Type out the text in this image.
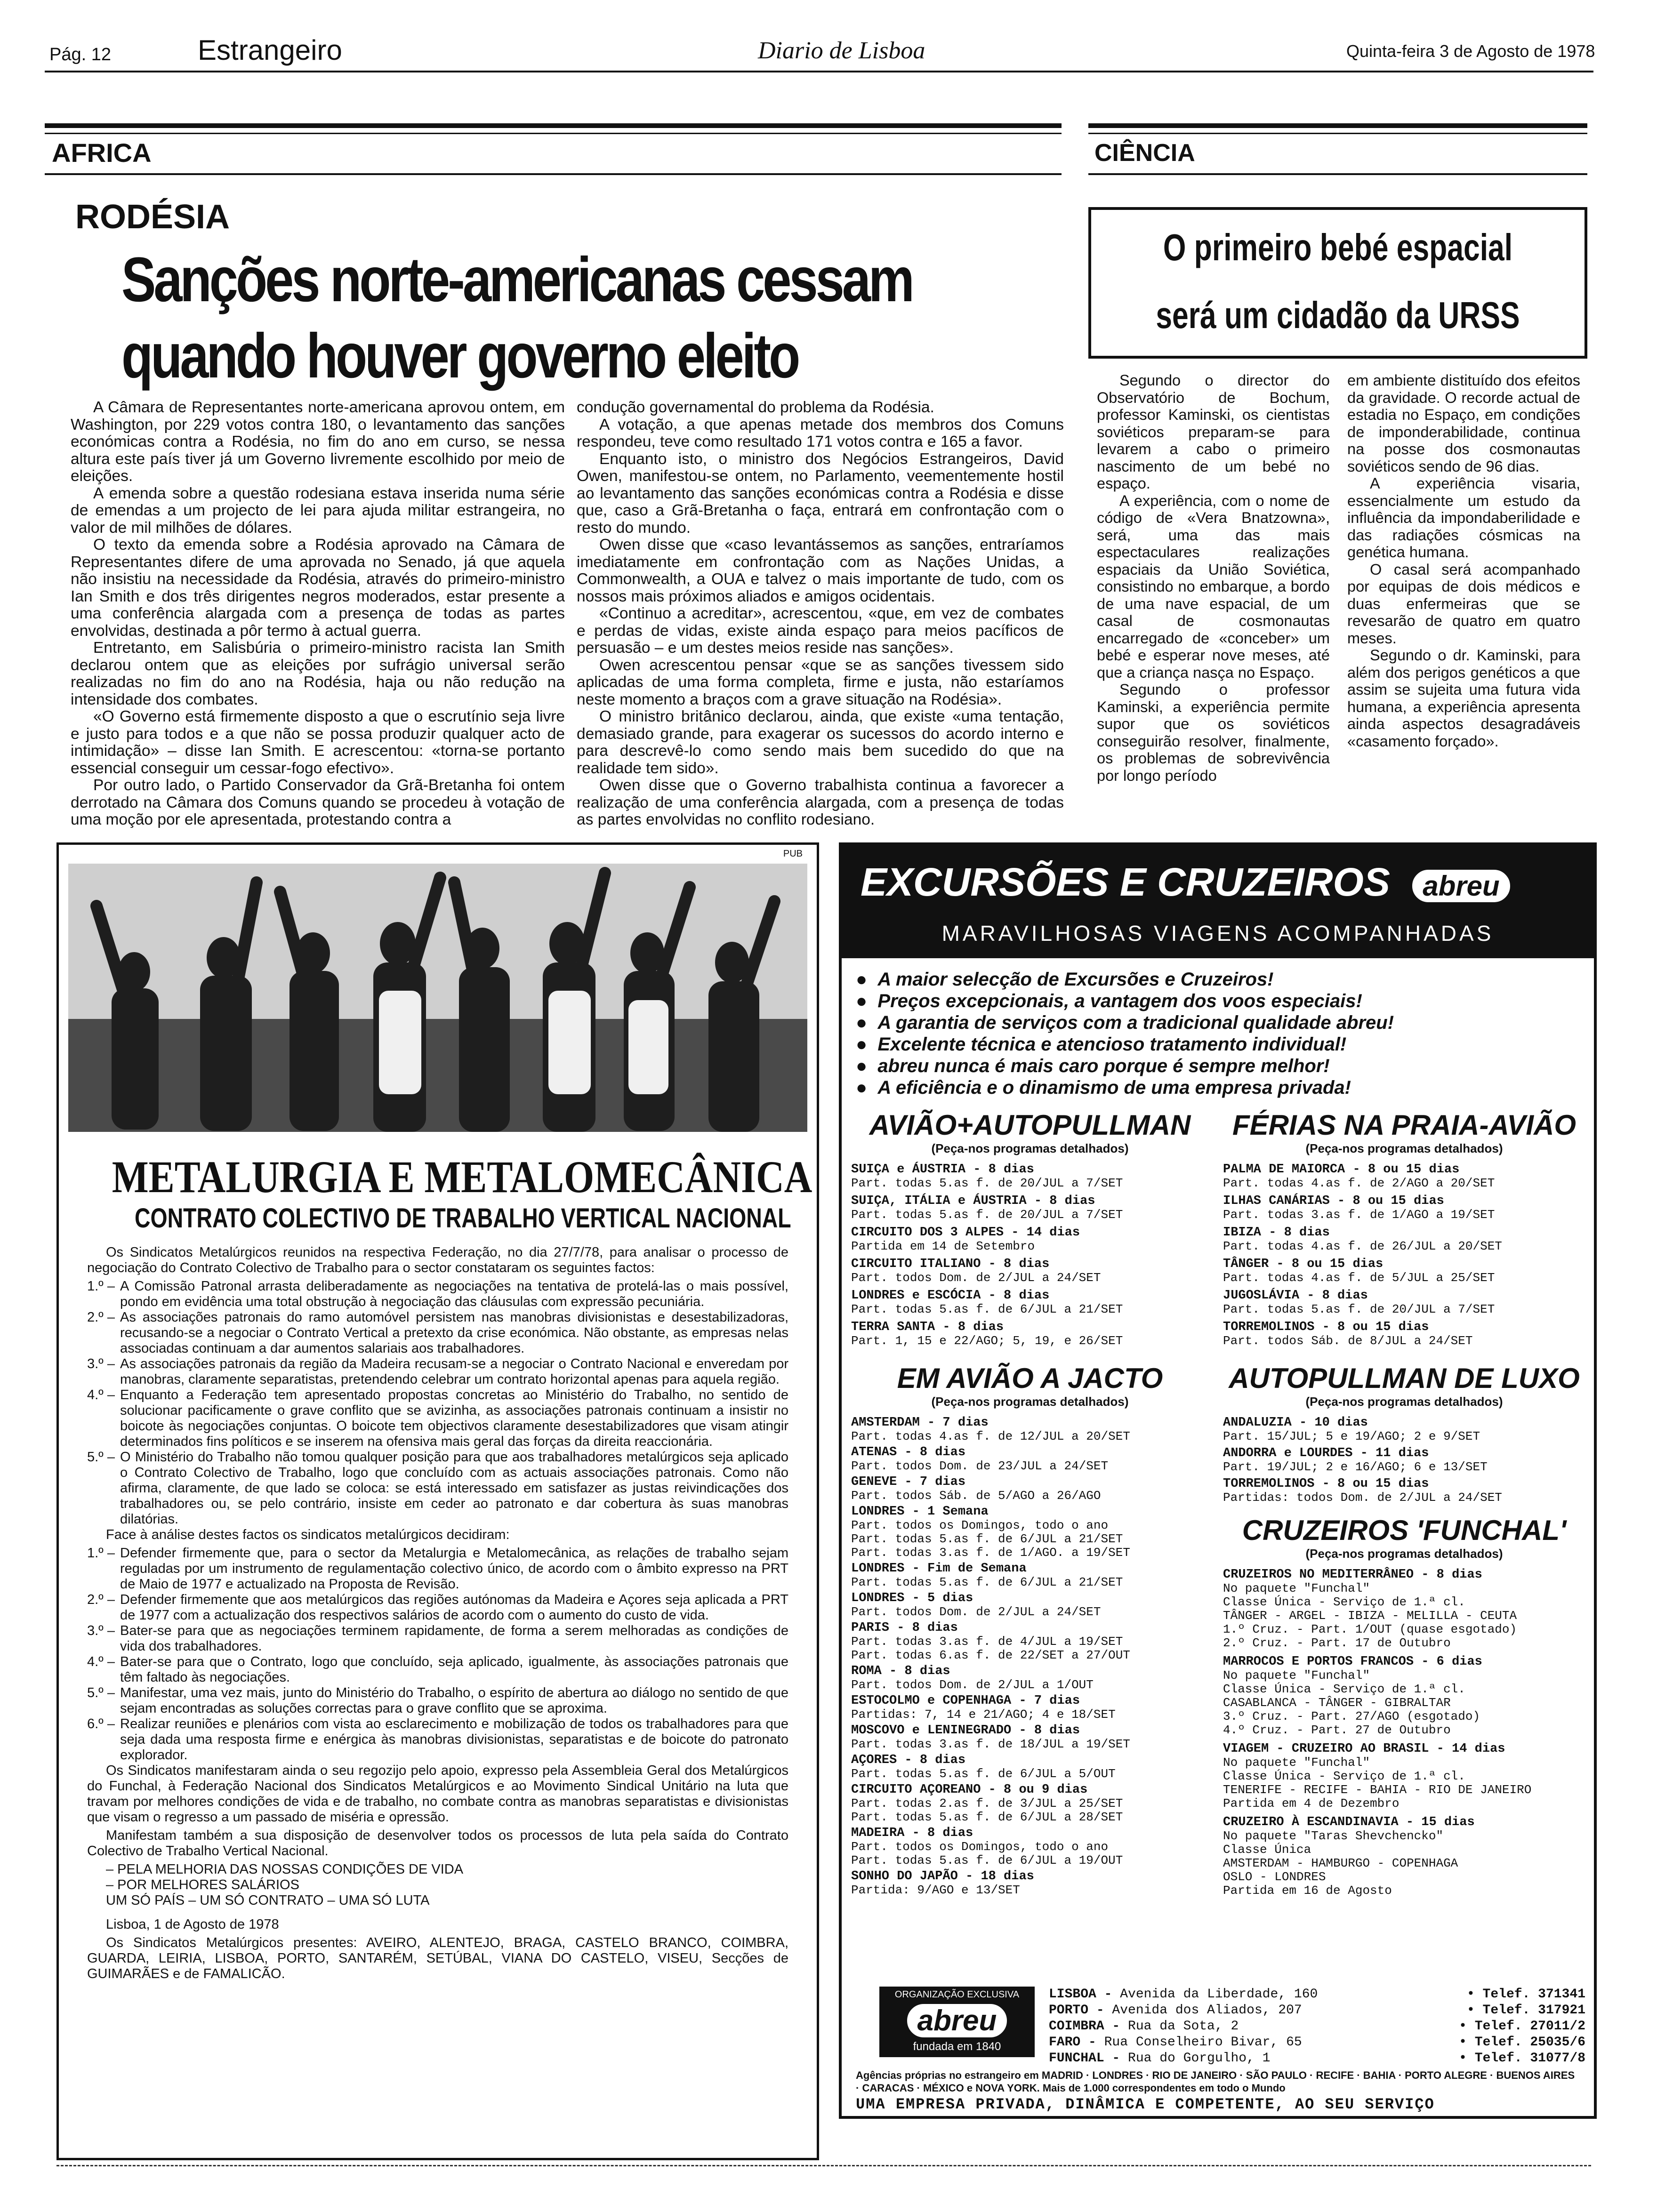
Pág. 12	Estrangeiro	Diario de Lisboa	Quinta-feira 3 de Agosto de 1978
AFRICA
RODÉSIA
Sanções norte-americanas cessam
quando houver governo eleito

A Câmara de Representantes norte-americana aprovou ontem, em Washington, por 229 votos contra 180, o levantamento das sanções económicas contra a Rodésia, no fim do ano em curso, se nessa altura este país tiver já um Governo livremente escolhido por meio de eleições.

A emenda sobre a questão rodesiana estava inserida numa série de emendas a um projecto de lei para ajuda militar estrangeira, no valor de mil milhões de dólares.

O texto da emenda sobre a Rodésia aprovado na Câmara de Representantes difere de uma aprovada no Senado, já que aquela não insistiu na necessidade da Rodésia, através do primeiro-ministro Ian Smith e dos três dirigentes negros moderados, estar presente a uma conferência alargada com a presença de todas as partes envolvidas, destinada a pôr termo à actual guerra.

Entretanto, em Salisbúria o primeiro-ministro racista Ian Smith declarou ontem que as eleições por sufrágio universal serão realizadas no fim do ano na Rodésia, haja ou não redução na intensidade dos combates.

«O Governo está firmemente disposto a que o escrutínio seja livre e justo para todos e a que não se possa produzir qualquer acto de intimidação» – disse Ian Smith. E acrescentou: «torna-se portanto essencial conseguir um cessar-fogo efectivo».

Por outro lado, o Partido Conservador da Grã-Bretanha foi ontem derrotado na Câmara dos Comuns quando se procedeu à votação de uma moção por ele apresentada, protestando contra a

condução governamental do problema da Rodésia.

A votação, a que apenas metade dos membros dos Comuns respondeu, teve como resultado 171 votos contra e 165 a favor.

Enquanto isto, o ministro dos Negócios Estrangeiros, David Owen, manifestou-se ontem, no Parlamento, veementemente hostil ao levantamento das sanções económicas contra a Rodésia e disse que, caso a Grã-Bretanha o faça, entrará em confrontação com o resto do mundo.

Owen disse que «caso levantássemos as sanções, entraríamos imediatamente em confrontação com as Nações Unidas, a Commonwealth, a OUA e talvez o mais importante de tudo, com os nossos mais próximos aliados e amigos ocidentais.

«Continuo a acreditar», acrescentou, «que, em vez de combates e perdas de vidas, existe ainda espaço para meios pacíficos de persuasão – e um destes meios reside nas sanções».

Owen acrescentou pensar «que se as sanções tivessem sido aplicadas de uma forma completa, firme e justa, não estaríamos neste momento a braços com a grave situação na Rodésia».

O ministro britânico declarou, ainda, que existe «uma tentação, demasiado grande, para exagerar os sucessos do acordo interno e para descrevê-lo como sendo mais bem sucedido do que na realidade tem sido».

Owen disse que o Governo trabalhista continua a favorecer a realização de uma conferência alargada, com a presença de todas as partes envolvidas no conflito rodesiano.

CIÊNCIA
O primeiro bebé espacial
será um cidadão da URSS

Segundo o director do Observatório de Bochum, professor Kaminski, os cientistas soviéticos preparam-se para levarem a cabo o primeiro nascimento de um bebé no espaço.

A experiência, com o nome de código de «Vera Bnatzowna», será, uma das mais espectaculares realizações espaciais da União Soviética, consistindo no embarque, a bordo de uma nave espacial, de um casal de cosmonautas encarregado de «conceber» um bebé e esperar nove meses, até que a criança nasça no Espaço.

Segundo o professor Kaminski, a experiência permite supor que os soviéticos conseguirão resolver, finalmente, os problemas de sobrevivência por longo período

em ambiente distituído dos efeitos da gravidade. O recorde actual de estadia no Espaço, em condições de imponderabilidade, continua na posse dos cosmonautas soviéticos sendo de 96 dias.

A experiência visaria, essencialmente um estudo da influência da impondaberilidade e das radiações cósmicas na genética humana.

O casal será acompanhado por equipas de dois médicos e duas enfermeiras que se revesarão de quatro em quatro meses.

Segundo o dr. Kaminski, para além dos perigos genéticos a que assim se sujeita uma futura vida humana, a experiência apresenta ainda aspectos desagradáveis «casamento forçado».

PUB
METALURGIA E METALOMECÂNICA
CONTRATO COLECTIVO DE TRABALHO VERTICAL NACIONAL

Os Sindicatos Metalúrgicos reunidos na respectiva Federação, no dia 27/7/78, para analisar o processo de negociação do Contrato Colectivo de Trabalho para o sector constataram os seguintes factos:

1.º – A Comissão Patronal arrasta deliberadamente as negociações na tentativa de protelá-las o mais possível, pondo em evidência uma total obstrução à negociação das cláusulas com expressão pecuniária.
2.º – As associações patronais do ramo automóvel persistem nas manobras divisionistas e desestabilizadoras, recusando-se a negociar o Contrato Vertical a pretexto da crise económica. Não obstante, as empresas nelas associadas continuam a dar aumentos salariais aos trabalhadores.
3.º – As associações patronais da região da Madeira recusam-se a negociar o Contrato Nacional e enveredam por manobras, claramente separatistas, pretendendo celebrar um contrato horizontal apenas para aquela região.
4.º – Enquanto a Federação tem apresentado propostas concretas ao Ministério do Trabalho, no sentido de solucionar pacificamente o grave conflito que se avizinha, as associações patronais continuam a insistir no boicote às negociações conjuntas. O boicote tem objectivos claramente desestabilizadores que visam atingir determinados fins políticos e se inserem na ofensiva mais geral das forças da direita reaccionária.
5.º – O Ministério do Trabalho não tomou qualquer posição para que aos trabalhadores metalúrgicos seja aplicado o Contrato Colectivo de Trabalho, logo que concluído com as actuais associações patronais. Como não afirma, claramente, de que lado se coloca: se está interessado em satisfazer as justas reivindicações dos trabalhadores ou, se pelo contrário, insiste em ceder ao patronato e dar cobertura às suas manobras dilatórias.

Face à análise destes factos os sindicatos metalúrgicos decidiram:

1.º – Defender firmemente que, para o sector da Metalurgia e Metalomecânica, as relações de trabalho sejam reguladas por um instrumento de regulamentação colectivo único, de acordo com o âmbito expresso na PRT de Maio de 1977 e actualizado na Proposta de Revisão.
2.º – Defender firmemente que aos metalúrgicos das regiões autónomas da Madeira e Açores seja aplicada a PRT de 1977 com a actualização dos respectivos salários de acordo com o aumento do custo de vida.
3.º – Bater-se para que as negociações terminem rapidamente, de forma a serem melhoradas as condições de vida dos trabalhadores.
4.º – Bater-se para que o Contrato, logo que concluído, seja aplicado, igualmente, às associações patronais que têm faltado às negociações.
5.º – Manifestar, uma vez mais, junto do Ministério do Trabalho, o espírito de abertura ao diálogo no sentido de que sejam encontradas as soluções correctas para o grave conflito que se aproxima.
6.º – Realizar reuniões e plenários com vista ao esclarecimento e mobilização de todos os trabalhadores para que seja dada uma resposta firme e enérgica às manobras divisionistas, separatistas e de boicote do patronato explorador.

Os Sindicatos manifestaram ainda o seu regozijo pelo apoio, expresso pela Assembleia Geral dos Metalúrgicos do Funchal, à Federação Nacional dos Sindicatos Metalúrgicos e ao Movimento Sindical Unitário na luta que travam por melhores condições de vida e de trabalho, no combate contra as manobras separatistas e divisionistas que visam o regresso a um passado de miséria e opressão.

Manifestam também a sua disposição de desenvolver todos os processos de luta pela saída do Contrato Colectivo de Trabalho Vertical Nacional.

– PELA MELHORIA DAS NOSSAS CONDIÇÕES DE VIDA
– POR MELHORES SALÁRIOS
UM SÓ PAÍS – UM SÓ CONTRATO – UMA SÓ LUTA

Lisboa, 1 de Agosto de 1978

Os Sindicatos Metalúrgicos presentes: AVEIRO, ALENTEJO, BRAGA, CASTELO BRANCO, COIMBRA, GUARDA, LEIRIA, LISBOA, PORTO, SANTARÉM, SETÚBAL, VIANA DO CASTELO, VISEU, Secções de GUIMARÃES e de FAMALICÃO.

EXCURSÕES E CRUZEIROS abreu
MARAVILHOSAS VIAGENS ACOMPANHADAS
●  A maior selecção de Excursões e Cruzeiros!
●  Preços excepcionais, a vantagem dos voos especiais!
●  A garantia de serviços com a tradicional qualidade abreu!
●  Excelente técnica e atencioso tratamento individual!
●  abreu nunca é mais caro porque é sempre melhor!
●  A eficiência e o dinamismo de uma empresa privada!
AVIÃO+AUTOPULLMAN
(Peça-nos programas detalhados)
SUIÇA e ÁUSTRIA - 8 dias
Part. todas 5.as f. de 20/JUL a 7/SET
SUIÇA, ITÁLIA e ÁUSTRIA - 8 dias
Part. todas 5.as f. de 20/JUL a 7/SET
CIRCUITO DOS 3 ALPES - 14 dias
Partida em 14 de Setembro
CIRCUITO ITALIANO - 8 dias
Part. todos Dom. de 2/JUL a 24/SET
LONDRES e ESCÓCIA - 8 dias
Part. todas 5.as f. de 6/JUL a 21/SET
TERRA SANTA - 8 dias
Part. 1, 15 e 22/AGO; 5, 19, e 26/SET
EM AVIÃO A JACTO
(Peça-nos programas detalhados)
AMSTERDAM - 7 dias
Part. todas 4.as f. de 12/JUL a 20/SET
ATENAS - 8 dias
Part. todos Dom. de 23/JUL a 24/SET
GENEVE - 7 dias
Part. todos Sáb. de 5/AGO a 26/AGO
LONDRES - 1 Semana
Part. todos os Domingos, todo o ano
Part. todas 5.as f. de 6/JUL a 21/SET
Part. todas 3.as f. de 1/AGO. a 19/SET
LONDRES - Fim de Semana
Part. todas 5.as f. de 6/JUL a 21/SET
LONDRES - 5 dias
Part. todos Dom. de 2/JUL a 24/SET
PARIS - 8 dias
Part. todas 3.as f. de 4/JUL a 19/SET
Part. todas 6.as f. de 22/SET a 27/OUT
ROMA - 8 dias
Part. todos Dom. de 2/JUL a 1/OUT
ESTOCOLMO e COPENHAGA - 7 dias
Partidas: 7, 14 e 21/AGO; 4 e 18/SET
MOSCOVO e LENINEGRADO - 8 dias
Part. todas 3.as f. de 18/JUL a 19/SET
AÇORES - 8 dias
Part. todas 5.as f. de 6/JUL a 5/OUT
CIRCUITO AÇOREANO - 8 ou 9 dias
Part. todas 2.as f. de 3/JUL a 25/SET
Part. todas 5.as f. de 6/JUL a 28/SET
MADEIRA - 8 dias
Part. todos os Domingos, todo o ano
Part. todas 5.as f. de 6/JUL a 19/OUT
SONHO DO JAPÃO - 18 dias
Partida: 9/AGO e 13/SET
FÉRIAS NA PRAIA-AVIÃO
(Peça-nos programas detalhados)
PALMA DE MAIORCA - 8 ou 15 dias
Part. todas 4.as f. de 2/AGO a 20/SET
ILHAS CANÁRIAS - 8 ou 15 dias
Part. todas 3.as f. de 1/AGO a 19/SET
IBIZA - 8 dias
Part. todas 4.as f. de 26/JUL a 20/SET
TÂNGER - 8 ou 15 dias
Part. todas 4.as f. de 5/JUL a 25/SET
JUGOSLÁVIA - 8 dias
Part. todas 5.as f. de 20/JUL a 7/SET
TORREMOLINOS - 8 ou 15 dias
Part. todos Sáb. de 8/JUL a 24/SET
AUTOPULLMAN DE LUXO
(Peça-nos programas detalhados)
ANDALUZIA - 10 dias
Part. 15/JUL; 5 e 19/AGO; 2 e 9/SET
ANDORRA e LOURDES - 11 dias
Part. 19/JUL; 2 e 16/AGO; 6 e 13/SET
TORREMOLINOS - 8 ou 15 dias
Partidas: todos Dom. de 2/JUL a 24/SET
CRUZEIROS 'FUNCHAL'
(Peça-nos programas detalhados)
CRUZEIROS NO MEDITERRÂNEO - 8 dias
No paquete "Funchal"
Classe Única - Serviço de 1.ª cl.
TÂNGER - ARGEL - IBIZA - MELILLA - CEUTA
1.º Cruz. - Part. 1/OUT (quase esgotado)
2.º Cruz. - Part. 17 de Outubro
MARROCOS E PORTOS FRANCOS - 6 dias
No paquete "Funchal"
Classe Única - Serviço de 1.ª cl.
CASABLANCA - TÂNGER - GIBRALTAR
3.º Cruz. - Part. 27/AGO (esgotado)
4.º Cruz. - Part. 27 de Outubro
VIAGEM - CRUZEIRO AO BRASIL - 14 dias
No paquete "Funchal"
Classe Única - Serviço de 1.ª cl.
TENERIFE - RECIFE - BAHIA - RIO DE JANEIRO
Partida em 4 de Dezembro
CRUZEIRO À ESCANDINAVIA - 15 dias
No paquete "Taras Shevchencko"
Classe Única
AMSTERDAM - HAMBURGO - COPENHAGA
OSLO - LONDRES
Partida em 16 de Agosto
ORGANIZAÇÃO EXCLUSIVA
abreu
fundada em 1840
LISBOA - Avenida da Liberdade, 160	• Telef. 371341
PORTO - Avenida dos Aliados, 207	• Telef. 317921
COIMBRA - Rua da Sota, 2	• Telef. 27011/2
FARO - Rua Conselheiro Bivar, 65	• Telef. 25035/6
FUNCHAL - Rua do Gorgulho, 1	• Telef. 31077/8
Agências próprias no estrangeiro em MADRID · LONDRES · RIO DE JANEIRO · SÃO PAULO · RECIFE · BAHIA · PORTO ALEGRE · BUENOS AIRES · CARACAS · MÉXICO e NOVA YORK. Mais de 1.000 correspondentes em todo o Mundo
UMA EMPRESA PRIVADA, DINÂMICA E COMPETENTE, AO SEU SERVIÇO
